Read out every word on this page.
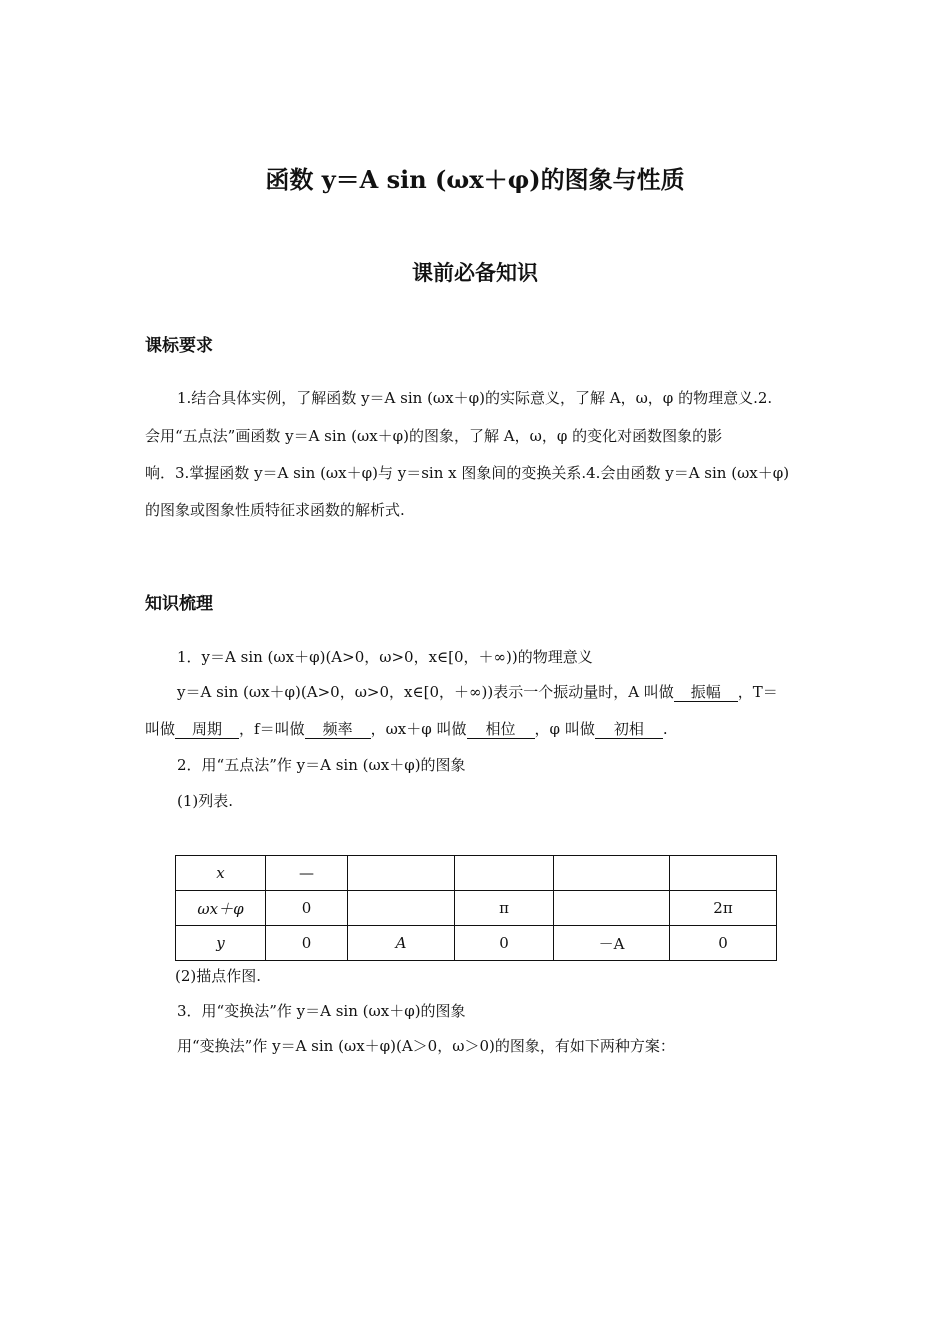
函数 y＝A sin (ωx＋φ)的图象与性质
课前必备知识
课标要求
1.结合具体实例，了解函数 y＝A sin (ωx＋φ)的实际意义，了解 A，ω，φ 的物理意义.2.
会用“五点法”画函数 y＝A sin (ωx＋φ)的图象，了解 A，ω，φ 的变化对函数图象的影
响．3.掌握函数 y＝A sin (ωx＋φ)与 y＝sin x 图象间的变换关系.4.会由函数 y＝A sin (ωx＋φ)
的图象或图象性质特征求函数的解析式.
知识梳理
1．y＝A sin (ωx＋φ)(A>0，ω>0，x∈[0，＋∞))的物理意义
y＝A sin (ωx＋φ)(A>0，ω>0，x∈[0，＋∞))表示一个振动量时，A 叫做 振幅 ，T＝
叫做 周期 ，f＝叫做 频率 ，ωx＋φ 叫做 相位 ，φ 叫做 初相 .
2．用“五点法”作 y＝A sin (ωx＋φ)的图象
(1)列表.
x	—				
ωx＋φ	0		π		2π
y	0	A	0	－A	0
(2)描点作图.
3．用“变换法”作 y＝A sin (ωx＋φ)的图象
用“变换法”作 y＝A sin (ωx＋φ)(A＞0，ω＞0)的图象，有如下两种方案：
